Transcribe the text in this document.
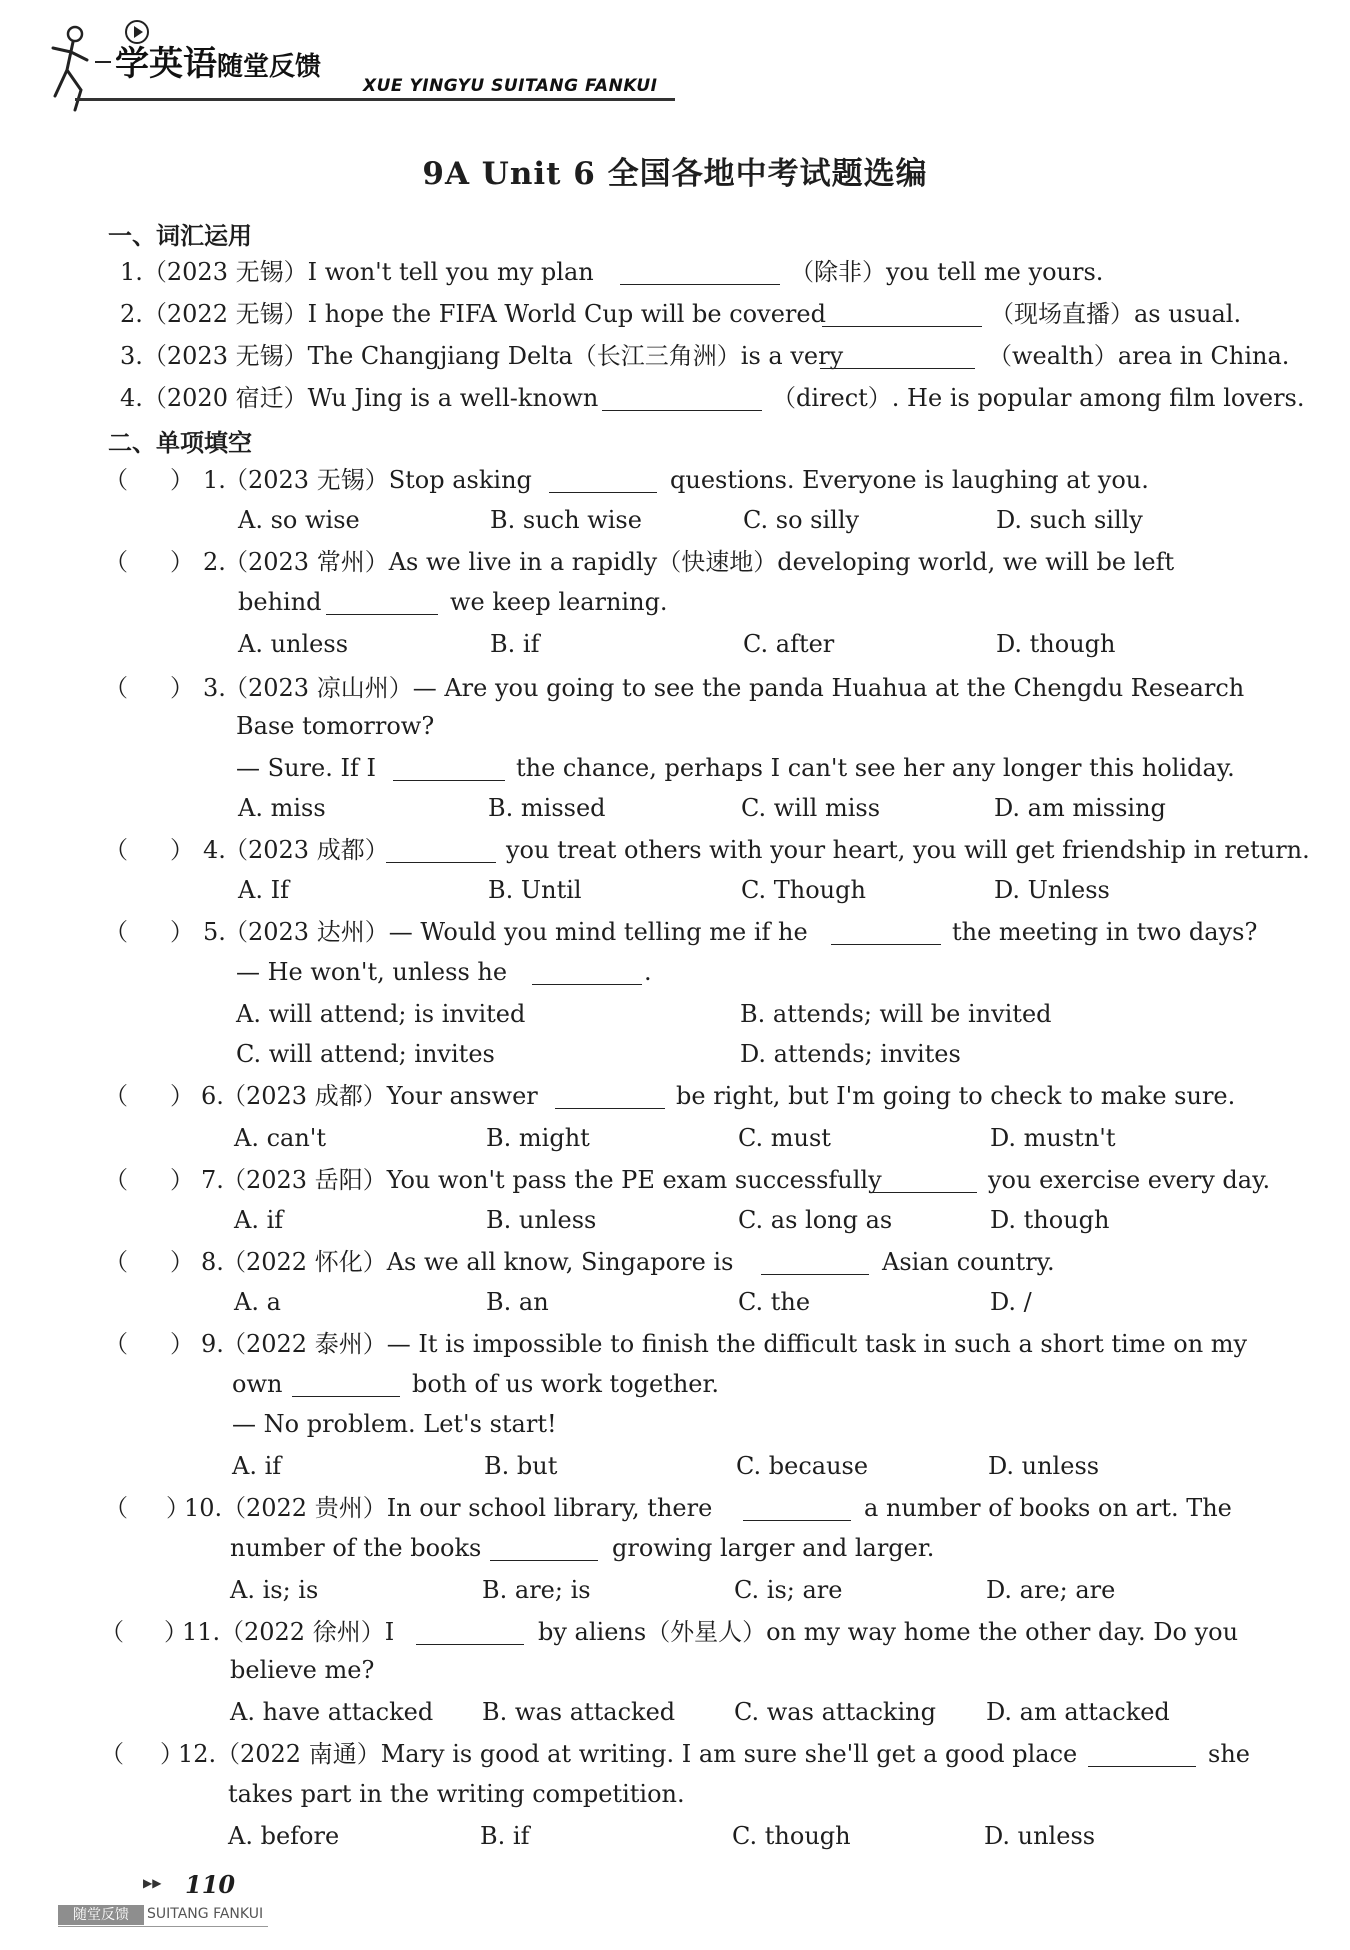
学英语随堂反馈
XUE YINGYU SUITANG FANKUI
9A Unit 6 全国各地中考试题选编
一、词汇运用
1.（2023 无锡）I won't tell you my plan	（除非）you tell me yours.
2.（2022 无锡）I hope the FIFA World Cup will be covered	（现场直播）as usual.
3.（2023 无锡）The Changjiang Delta（长江三角洲）is a very	（wealth）area in China.
4.（2020 宿迁）Wu Jing is a well-known	（direct）. He is popular among film lovers.
二、单项填空
（ ） 1.
（2023 无锡）Stop asking	questions. Everyone is laughing at you.
A. so wise	B. such wise	C. so silly	D. such silly
（ ） 2.
（2023 常州）As we live in a rapidly（快速地）developing world, we will be left
behind	we keep learning.
A. unless	B. if	C. after	D. though
（ ） 3.
（2023 凉山州）— Are you going to see the panda Huahua at the Chengdu Research
Base tomorrow?
— Sure. If I	the chance, perhaps I can't see her any longer this holiday.
A. miss	B. missed	C. will miss	D. am missing
（ ） 4.
（2023 成都）	you treat others with your heart, you will get friendship in return.
A. If	B. Until	C. Though	D. Unless
（ ） 5.
（2023 达州）— Would you mind telling me if he	the meeting in two days?
— He won't, unless he	.
A. will attend; is invited	B. attends; will be invited
C. will attend; invites	D. attends; invites
（ ） 6.
（2023 成都）Your answer	be right, but I'm going to check to make sure.
A. can't	B. might	C. must	D. mustn't
（ ） 7.
（2023 岳阳）You won't pass the PE exam successfully	you exercise every day.
A. if	B. unless	C. as long as	D. though
（ ） 8.
（2022 怀化）As we all know, Singapore is	Asian country.
A. a	B. an	C. the	D. /
（ ） 9.
（2022 泰州）— It is impossible to finish the difficult task in such a short time on my
own	both of us work together.
— No problem. Let's start!
A. if	B. but	C. because	D. unless
（ ）
10. （2022 贵州）In our school library, there	a number of books on art. The
number of the books	growing larger and larger.
A. is; is	B. are; is	C. is; are	D. are; are
（ ）
11. （2022 徐州）I	by aliens（外星人）on my way home the other day. Do you
believe me?
A. have attacked B. was attacked C. was attacking D. am attacked
（ ）
12. （2022 南通）Mary is good at writing. I am sure she'll get a good place	she
takes part in the writing competition.
A. before	B. if	C. though	D. unless
▶▶ 110
随堂反馈	SUITANG FANKUI
